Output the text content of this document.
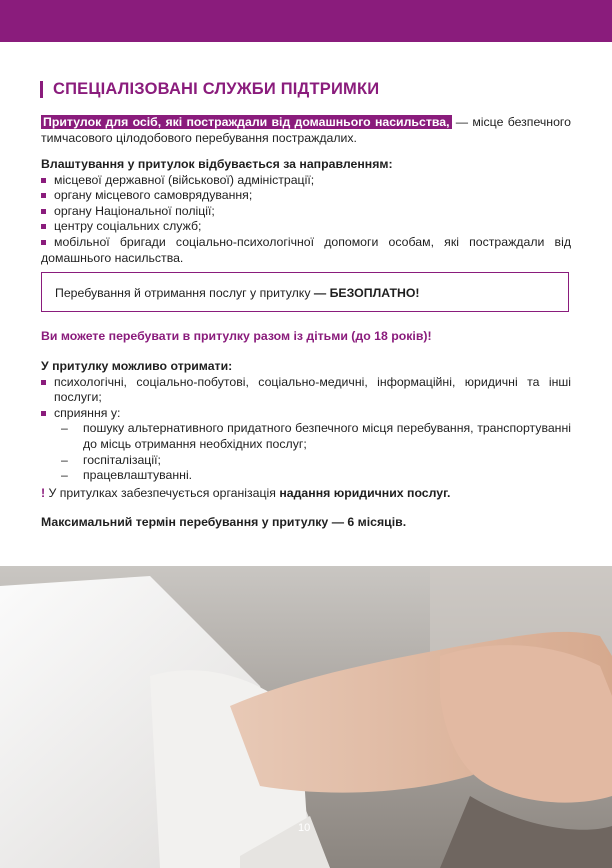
СПЕЦІАЛІЗОВАНІ СЛУЖБИ ПІДТРИМКИ
Притулок для осіб, які постраждали від домашнього насильства, — місце безпечного тимчасового цілодобового перебування постраждалих.
Влаштування у притулок відбувається за направленням:
місцевої державної (військової) адміністрації;
органу місцевого самоврядування;
органу Національної поліції;
центру соціальних служб;
мобільної бригади соціально-психологічної допомоги особам, які постраждали від домашнього насильства.
Перебування й отримання послуг у притулку — БЕЗОПЛАТНО!
Ви можете перебувати в притулку разом із дітьми (до 18 років)!
У притулку можливо отримати:
психологічні, соціально-побутові, соціально-медичні, інформаційні, юридичні та інші послуги;
сприяння у:
– пошуку альтернативного придатного безпечного місця перебування, транспортуванні до місць отримання необхідних послуг;
– госпіталізації;
– працевлаштуванні.
! У притулках забезпечується організація надання юридичних послуг.
Максимальний термін перебування у притулку — 6 місяців.
10
